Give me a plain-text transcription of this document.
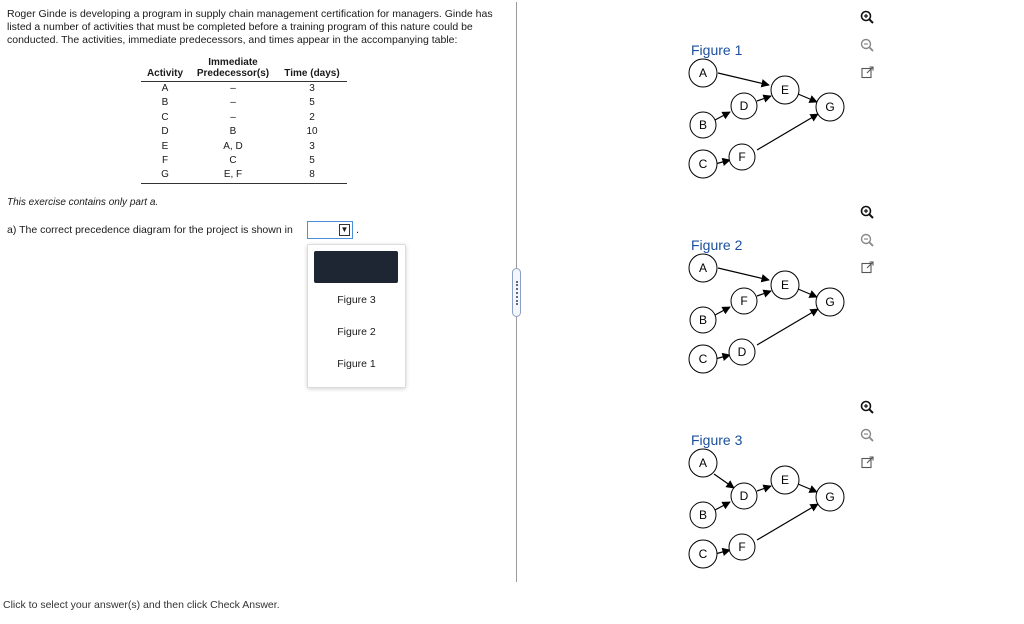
Roger Ginde is developing a program in supply chain management certification for managers. Ginde has listed a number of activities that must be completed before a training program of this nature could be conducted. The activities, immediate predecessors, and times appear in the accompanying table:

	Immediate	
Activity	Predecessor(s)	Time (days)
A	–	3
B	–	5
C	–	2
D	B	10
E	A, D	3
F	C	5
G	E, F	8

This exercise contains only part a.

a) The correct precedence diagram for the project is shown in	▼ .
Figure 3
Figure 2
Figure 1
Click to select your answer(s) and then click Check Answer.

Figure 1

A
B
C
D
F
E
G

Figure 2

A
B
C
F
D
E
G

Figure 3

A
B
C
D
F
E
G
